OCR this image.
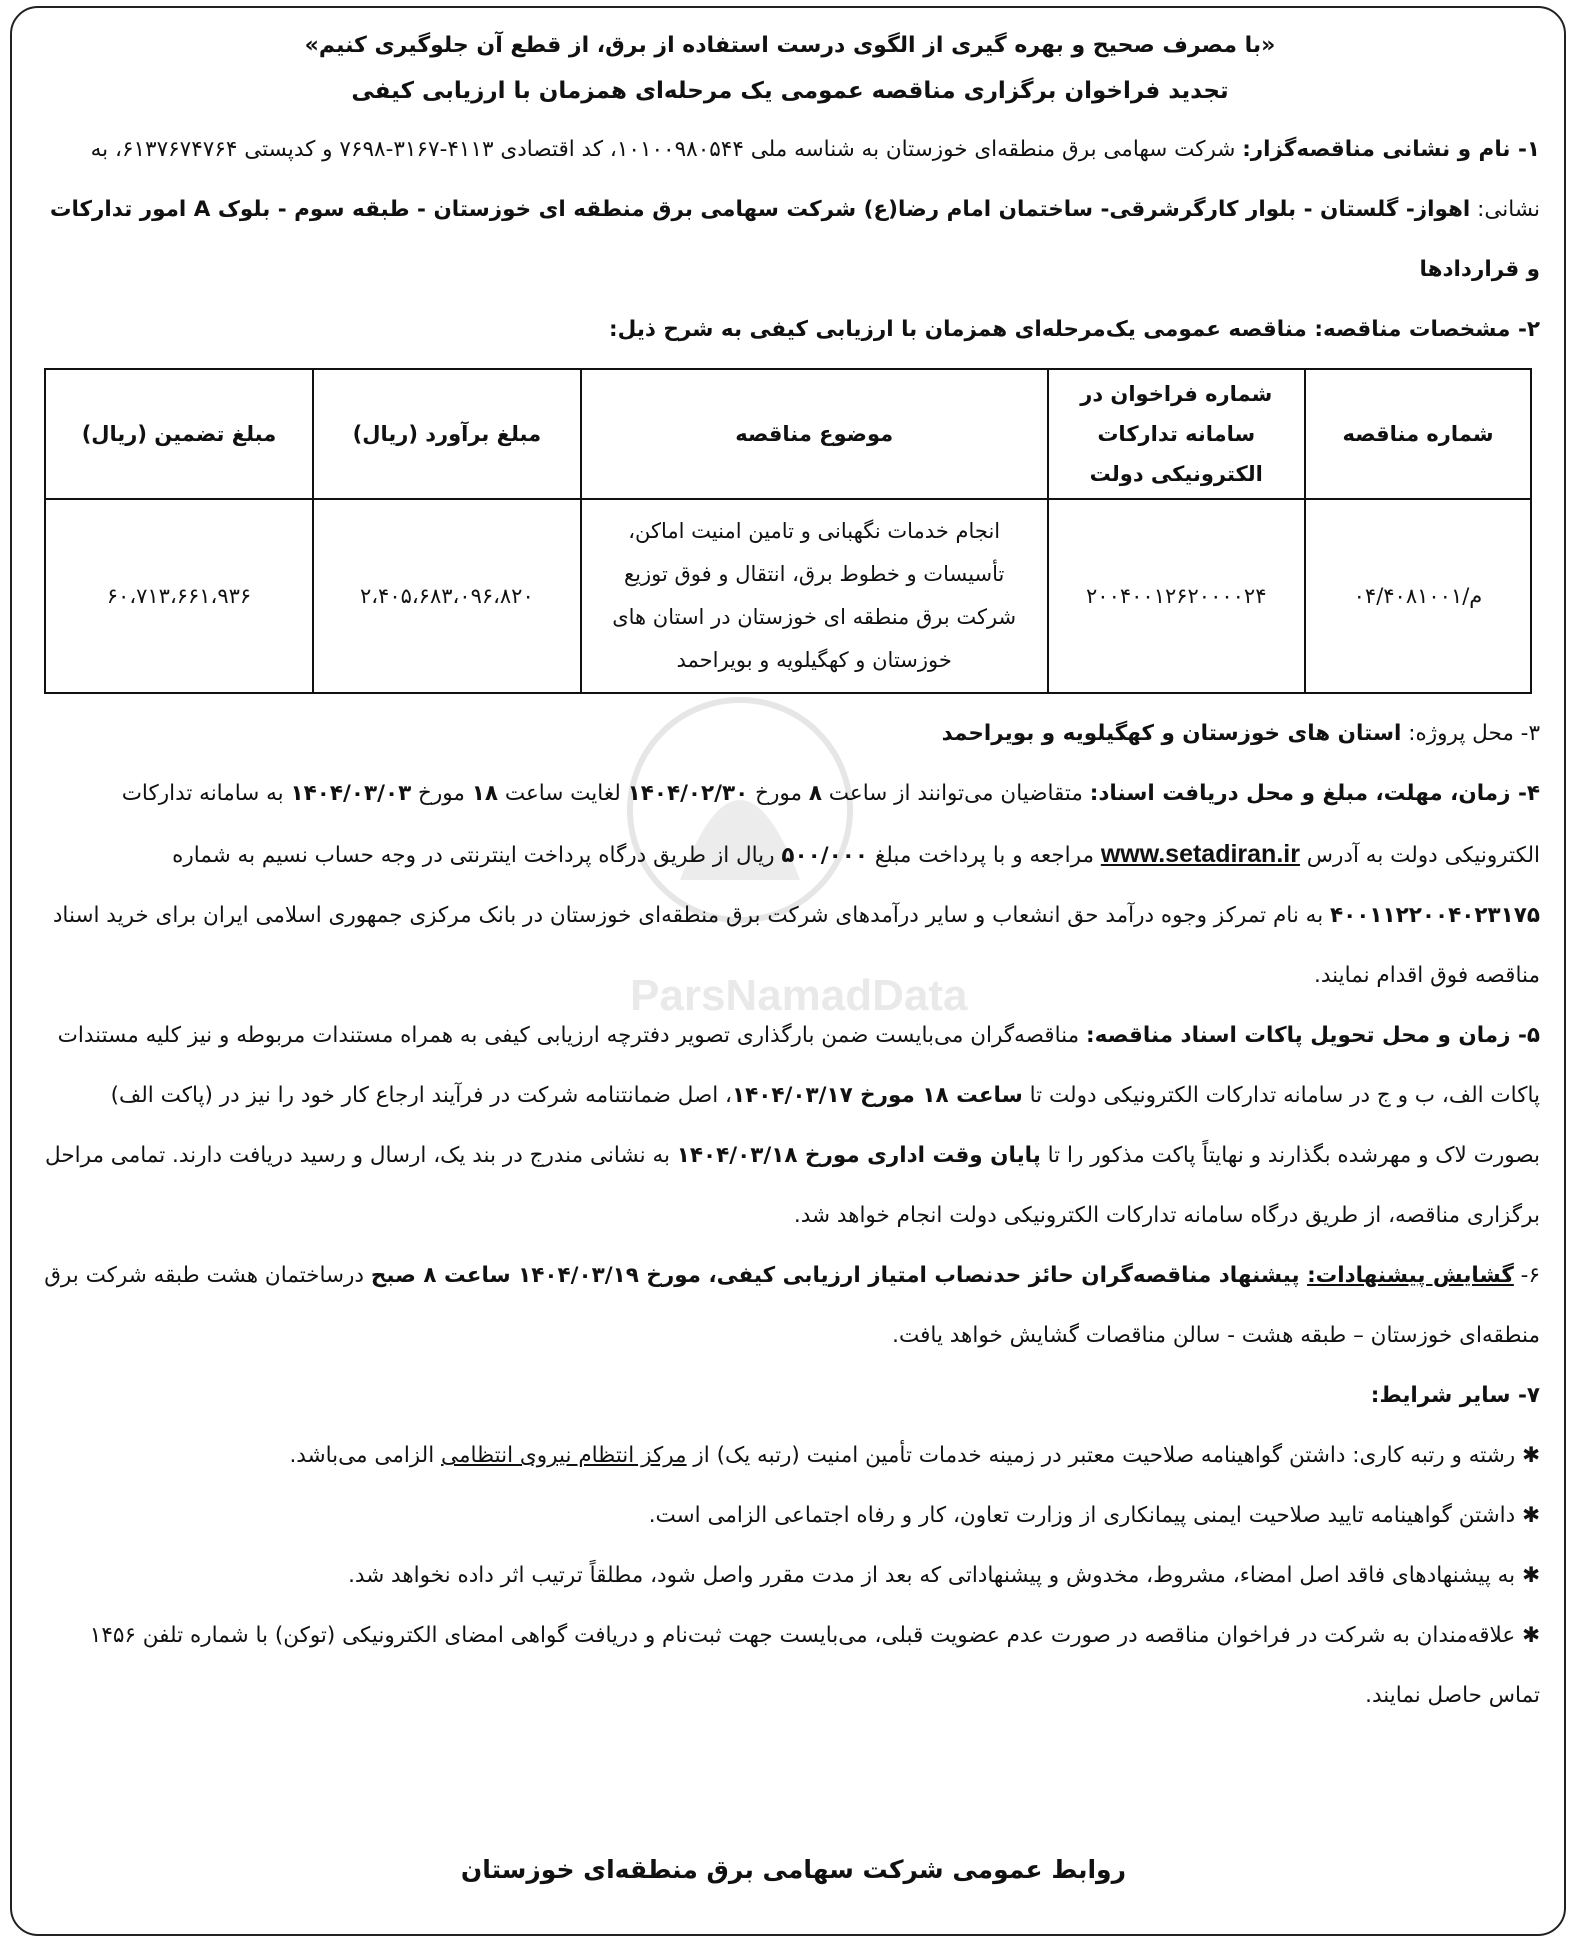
ParsNamadData

«با مصرف صحیح و بهره گیری از الگوی درست استفاده از برق، از قطع آن جلوگیری کنیم»

تجدید فراخوان برگزاری مناقصه عمومی یک مرحله‌ای همزمان با ارزیابی کیفی

۱- نام و نشانی مناقصه‌گزار: شرکت سهامی برق منطقه‌ای خوزستان به شناسه ملی ۱۰۱۰۰۹۸۰۵۴۴، کد اقتصادی ۴۱۱۳-۳۱۶۷-۷۶۹۸ و کدپستی ۶۱۳۷۶۷۴۷۶۴، به نشانی: اهواز- گلستان - بلوار کارگرشرقی- ساختمان امام رضا(ع) شرکت سهامی برق منطقه ای خوزستان - طبقه سوم - بلوک A امور تدارکات و قراردادها

۲- مشخصات مناقصه: مناقصه عمومی یک‌مرحله‌ای همزمان با ارزیابی کیفی به شرح ذیل:

شماره مناقصه	شماره فراخوان در سامانه تدارکات الکترونیکی دولت	موضوع مناقصه	مبلغ برآورد (ریال)	مبلغ تضمین (ریال)
م/۰۴/۴۰۸۱۰۰۱	۲۰۰۴۰۰۱۲۶۲۰۰۰۰۲۴	انجام خدمات نگهبانی و تامین امنیت اماکن، تأسیسات و خطوط برق، انتقال و فوق توزیع شرکت برق منطقه ای خوزستان در استان های خوزستان و کهگیلویه و بویراحمد	۲،۴۰۵،۶۸۳،۰۹۶،۸۲۰	۶۰،۷۱۳،۶۶۱،۹۳۶

۳- محل پروژه: استان های خوزستان و کهگیلویه و بویراحمد

۴- زمان، مهلت، مبلغ و محل دریافت اسناد: متقاضیان می‌توانند از ساعت ۸ مورخ ۱۴۰۴/۰۲/۳۰ لغایت ساعت ۱۸ مورخ ۱۴۰۴/۰۳/۰۳ به سامانه تدارکات الکترونیکی دولت به آدرس www.setadiran.ir مراجعه و با پرداخت مبلغ ۵۰۰/۰۰۰ ریال از طریق درگاه پرداخت اینترنتی در وجه حساب نسیم به شماره ۴۰۰۱۱۲۲۰۰۴۰۲۳۱۷۵ به نام تمرکز وجوه درآمد حق انشعاب و سایر درآمدهای شرکت برق منطقه‌ای خوزستان در بانک مرکزی جمهوری اسلامی ایران برای خرید اسناد مناقصه فوق اقدام نمایند.

۵- زمان و محل تحویل پاکات اسناد مناقصه: مناقصه‌گران می‌بایست ضمن بارگذاری تصویر دفترچه ارزیابی کیفی به همراه مستندات مربوطه و نیز کلیه مستندات پاکات الف، ب و ج در سامانه تدارکات الکترونیکی دولت تا ساعت ۱۸ مورخ ۱۴۰۴/۰۳/۱۷، اصل ضمانتنامه شرکت در فرآیند ارجاع کار خود را نیز در (پاکت الف) بصورت لاک و مهرشده بگذارند و نهایتاً پاکت مذکور را تا پایان وقت اداری مورخ ۱۴۰۴/۰۳/۱۸ به نشانی مندرج در بند یک، ارسال و رسید دریافت دارند. تمامی مراحل برگزاری مناقصه، از طریق درگاه سامانه تدارکات الکترونیکی دولت انجام خواهد شد.

۶- گشایش پیشنهادات: پیشنهاد مناقصه‌گران حائز حدنصاب امتیاز ارزیابی کیفی، مورخ ۱۴۰۴/۰۳/۱۹ ساعت ۸ صبح درساختمان هشت طبقه شرکت برق منطقه‌ای خوزستان – طبقه هشت - سالن مناقصات گشایش خواهد یافت.

۷- سایر شرایط:

✱ رشته و رتبه کاری: داشتن گواهینامه صلاحیت معتبر در زمینه خدمات تأمین امنیت (رتبه یک) از مرکز انتظام نیروی انتظامی الزامی می‌باشد.

✱ داشتن گواهینامه تایید صلاحیت ایمنی پیمانکاری از وزارت تعاون، کار و رفاه اجتماعی الزامی است.

✱ به پیشنهادهای فاقد اصل امضاء، مشروط، مخدوش و پیشنهاداتی که بعد از مدت مقرر واصل شود، مطلقاً ترتیب اثر داده نخواهد شد.

✱ علاقه‌مندان به شرکت در فراخوان مناقصه در صورت عدم عضویت قبلی، می‌بایست جهت ثبت‌نام و دریافت گواهی امضای الکترونیکی (توکن) با شماره تلفن ۱۴۵۶ تماس حاصل نمایند.

روابط عمومی شرکت سهامی برق منطقه‌ای خوزستان
